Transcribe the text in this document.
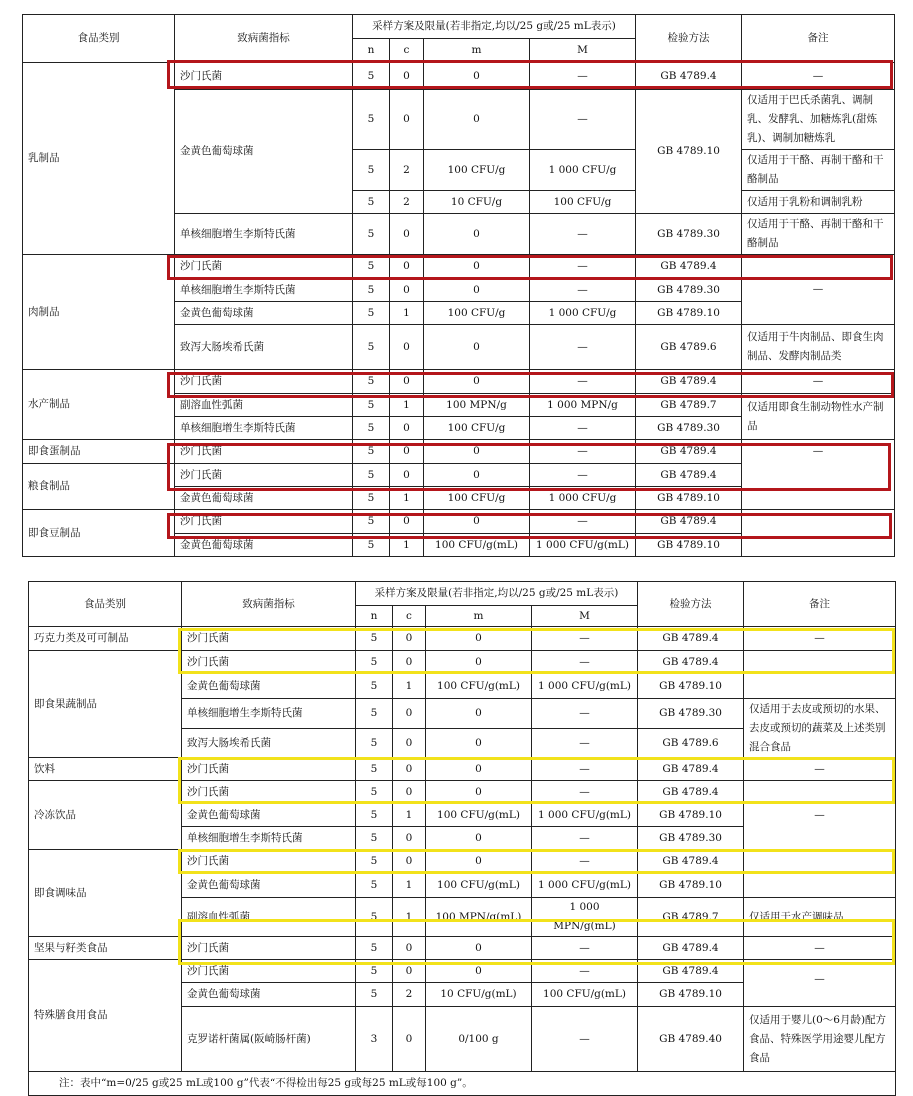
食品类别	致病菌指标	采样方案及限量(若非指定,均以/25 g或/25 mL表示)				检验方法	备注
		n	c	m	M		
乳制品	沙门氏菌	5	0	0	—	GB 4789.4	—
	金黄色葡萄球菌	5	0	0	—	GB 4789.10	仅适用于巴氏杀菌乳、调制乳、发酵乳、加糖炼乳(甜炼乳)、调制加糖炼乳
		5	2	100 CFU/g	1 000 CFU/g		仅适用于干酪、再制干酪和干酪制品
		5	2	10 CFU/g	100 CFU/g		仅适用于乳粉和调制乳粉
	单核细胞增生李斯特氏菌	5	0	0	—	GB 4789.30	仅适用于干酪、再制干酪和干酪制品
肉制品	沙门氏菌	5	0	0	—	GB 4789.4	—
	单核细胞增生李斯特氏菌	5	0	0	—	GB 4789.30	
	金黄色葡萄球菌	5	1	100 CFU/g	1 000 CFU/g	GB 4789.10	
	致泻大肠埃希氏菌	5	0	0	—	GB 4789.6	仅适用于牛肉制品、即食生肉制品、发酵肉制品类
水产制品	沙门氏菌	5	0	0	—	GB 4789.4	—
	副溶血性弧菌	5	1	100 MPN/g	1 000 MPN/g	GB 4789.7	仅适用即食生制动物性水产制品
	单核细胞增生李斯特氏菌	5	0	100 CFU/g	—	GB 4789.30	
即食蛋制品	沙门氏菌	5	0	0	—	GB 4789.4	—
粮食制品	沙门氏菌	5	0	0	—	GB 4789.4	
	金黄色葡萄球菌	5	1	100 CFU/g	1 000 CFU/g	GB 4789.10	
即食豆制品	沙门氏菌	5	0	0	—	GB 4789.4	
	金黄色葡萄球菌	5	1	100 CFU/g(mL)	1 000 CFU/g(mL)	GB 4789.10	
食品类别	致病菌指标	采样方案及限量(若非指定,均以/25 g或/25 mL表示)				检验方法	备注
		n	c	m	M		
巧克力类及可可制品	沙门氏菌	5	0	0	—	GB 4789.4	—
即食果蔬制品	沙门氏菌	5	0	0	—	GB 4789.4	—
	金黄色葡萄球菌	5	1	100 CFU/g(mL)	1 000 CFU/g(mL)	GB 4789.10	
	单核细胞增生李斯特氏菌	5	0	0	—	GB 4789.30	仅适用于去皮或预切的水果、去皮或预切的蔬菜及上述类别混合食品
	致泻大肠埃希氏菌	5	0	0	—	GB 4789.6	
饮料	沙门氏菌	5	0	0	—	GB 4789.4	—
冷冻饮品	沙门氏菌	5	0	0	—	GB 4789.4	—
	金黄色葡萄球菌	5	1	100 CFU/g(mL)	1 000 CFU/g(mL)	GB 4789.10	
	单核细胞增生李斯特氏菌	5	0	0	—	GB 4789.30	
即食调味品	沙门氏菌	5	0	0	—	GB 4789.4	
	金黄色葡萄球菌	5	1	100 CFU/g(mL)	1 000 CFU/g(mL)	GB 4789.10	
	副溶血性弧菌	5	1	100 MPN/g(mL)	1 000 MPN/g(mL)	GB 4789.7	仅适用于水产调味品
坚果与籽类食品	沙门氏菌	5	0	0	—	GB 4789.4	—
特殊膳食用食品	沙门氏菌	5	0	0	—	GB 4789.4	—
	金黄色葡萄球菌	5	2	10 CFU/g(mL)	100 CFU/g(mL)	GB 4789.10	
	克罗诺杆菌属(阪崎肠杆菌)	3	0	0/100 g	—	GB 4789.40	仅适用于婴儿(0～6月龄)配方食品、特殊医学用途婴儿配方食品
注：表中“m=0/25 g或25 mL或100 g”代表“不得检出每25 g或每25 mL或每100 g”。							
